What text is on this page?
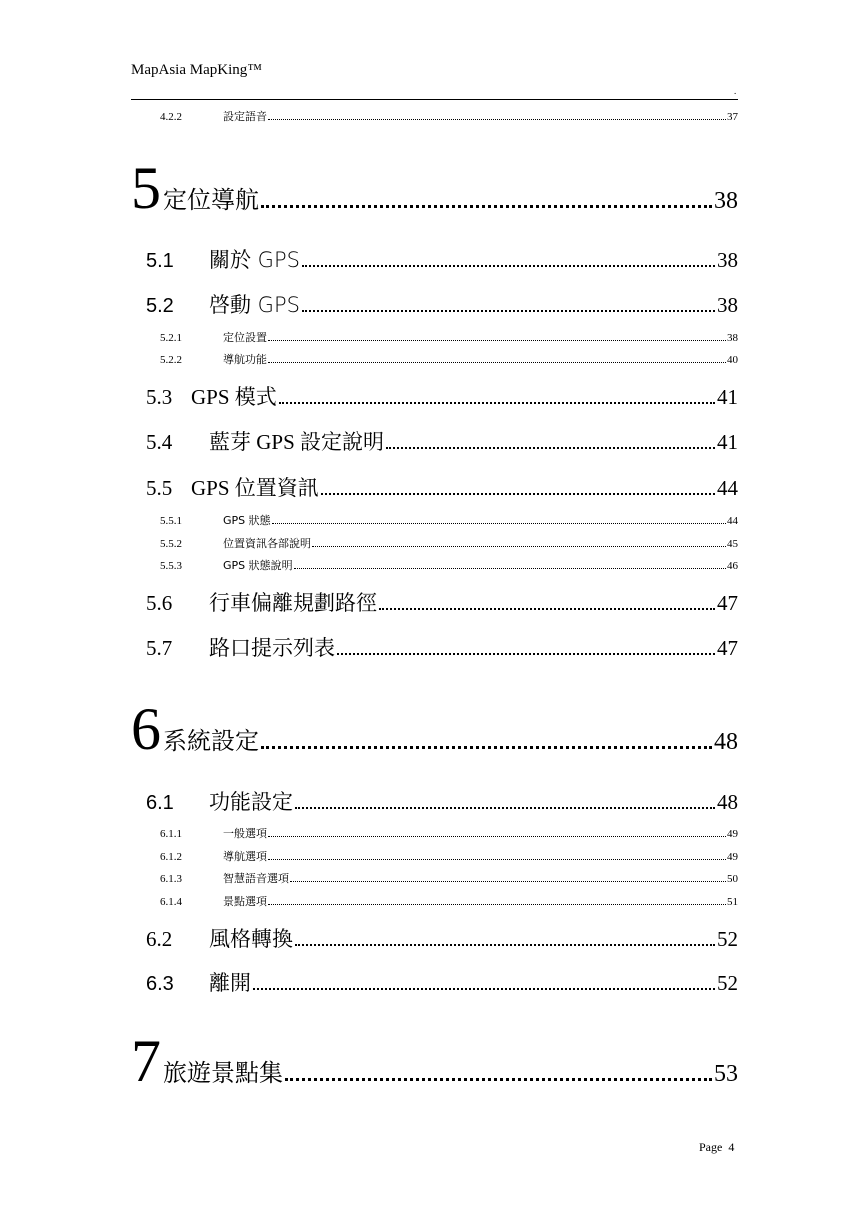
MapAsia MapKing™
.
4.2.2	設定語音	37
5 定位導航	38
5.1	關於 GPS	38
5.2	啓動 GPS	38
5.2.1	定位設置	38
5.2.2	導航功能	40
5.3 GPS 模式	41
5.4	藍芽 GPS 設定說明	41
5.5 GPS 位置資訊	44
5.5.1	GPS 狀態	44
5.5.2	位置資訊各部說明	45
5.5.3	GPS 狀態說明	46
5.6	行車偏離規劃路徑	47
5.7	路口提示列表	47
6 系統設定	48
6.1	功能設定	48
6.1.1	一般選項	49
6.1.2	導航選項	49
6.1.3	智慧語音選項	50
6.1.4	景點選項	51
6.2	風格轉換	52
6.3	離開	52
7 旅遊景點集	53
Page  4
